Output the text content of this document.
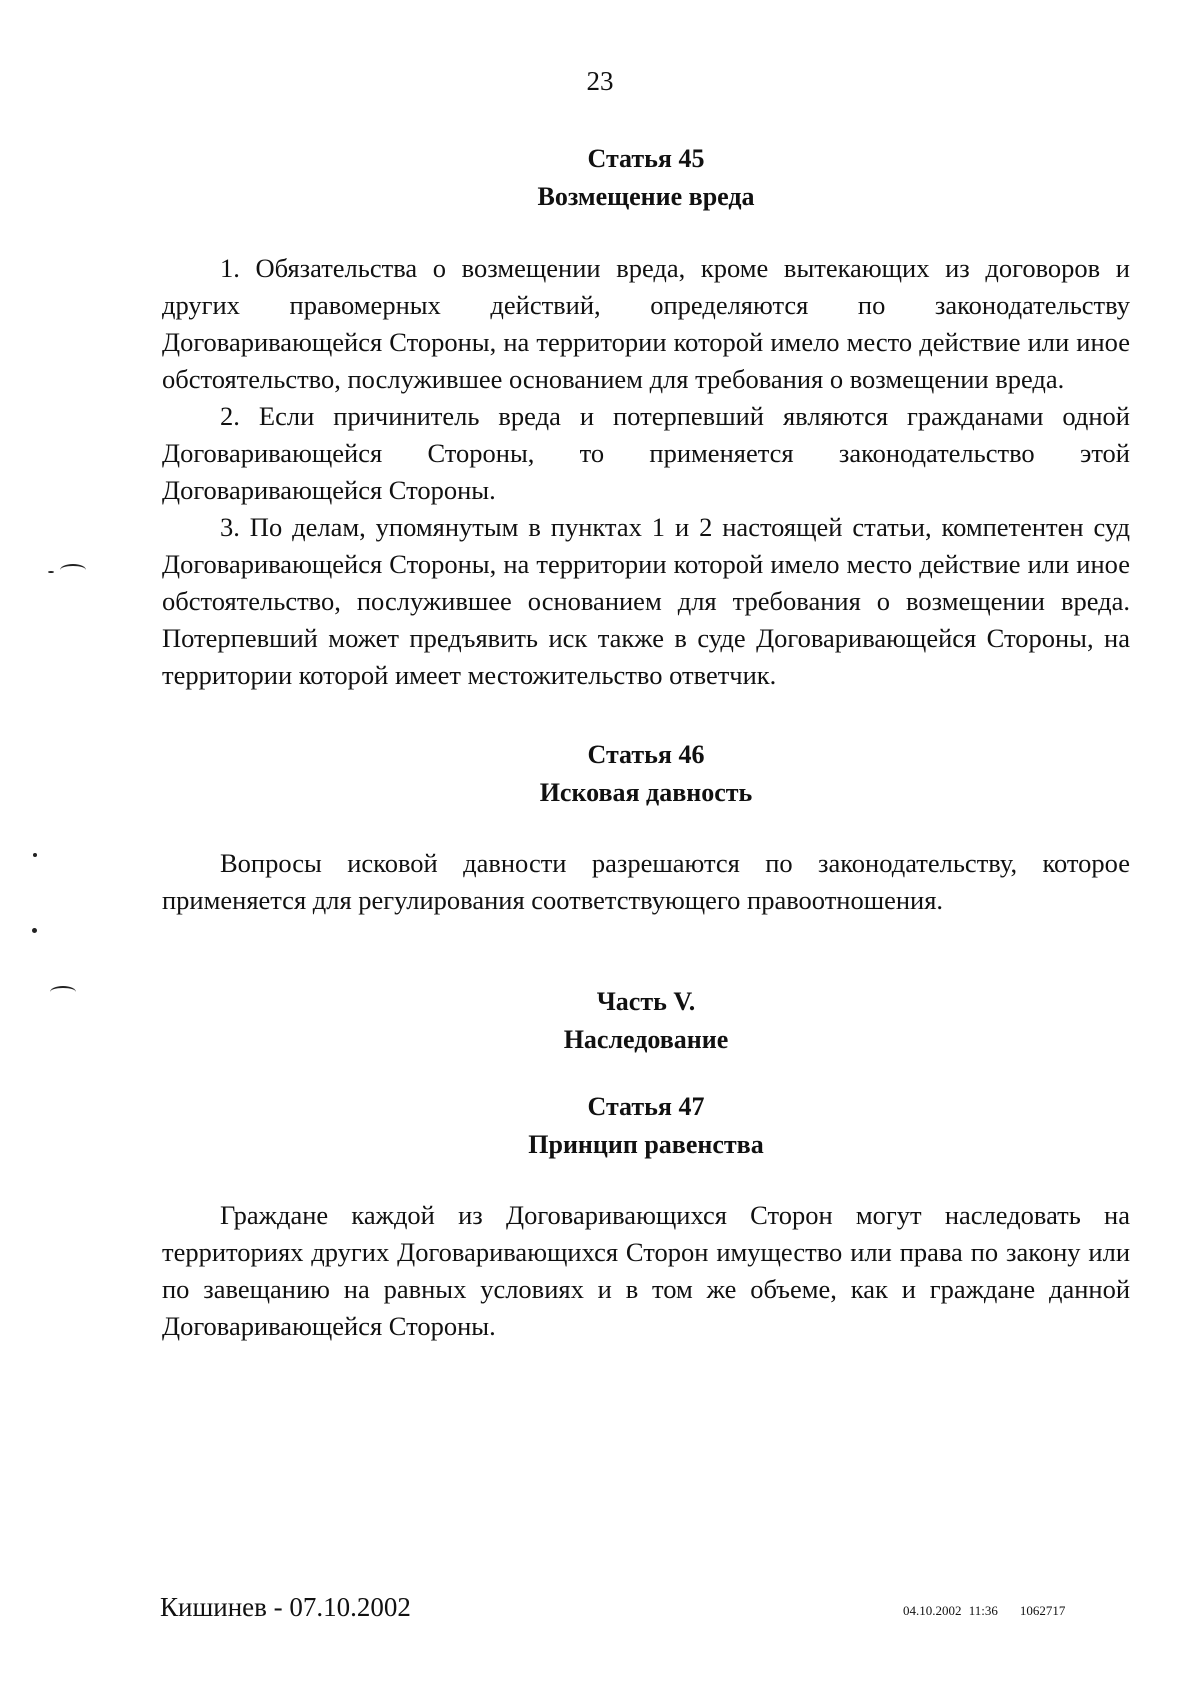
23

Статья 45

Возмещение вреда

1. Обязательства о возмещении вреда, кроме вытекающих из договоров и других правомерных действий, определяются по законодательству Договаривающейся Стороны, на территории которой имело место действие или иное обстоятельство, послужившее основанием для требования о возмещении вреда.

2. Если причинитель вреда и потерпевший являются гражданами одной Договаривающейся Стороны, то применяется законодательство этой Договаривающейся Стороны.

3. По делам, упомянутым в пунктах 1 и 2 настоящей статьи, компетентен суд Договаривающейся Стороны, на территории которой имело место действие или иное обстоятельство, послужившее основанием для требования о возмещении вреда. Потерпевший может предъявить иск также в суде Договаривающейся Стороны, на территории которой имеет местожительство ответчик.

Статья 46

Исковая давность

Вопросы исковой давности разрешаются по законодательству, которое применяется для регулирования соответствующего правоотношения.

Часть V.

Наследование

Статья 47

Принцип равенства

Граждане каждой из Договаривающихся Сторон могут наследовать на территориях других Договаривающихся Сторон имущество или права по закону или по завещанию на равных условиях и в том же объеме, как и граждане данной Договаривающейся Стороны.

Кишинев - 07.10.2002	04.10.2002 11:36 1062717
